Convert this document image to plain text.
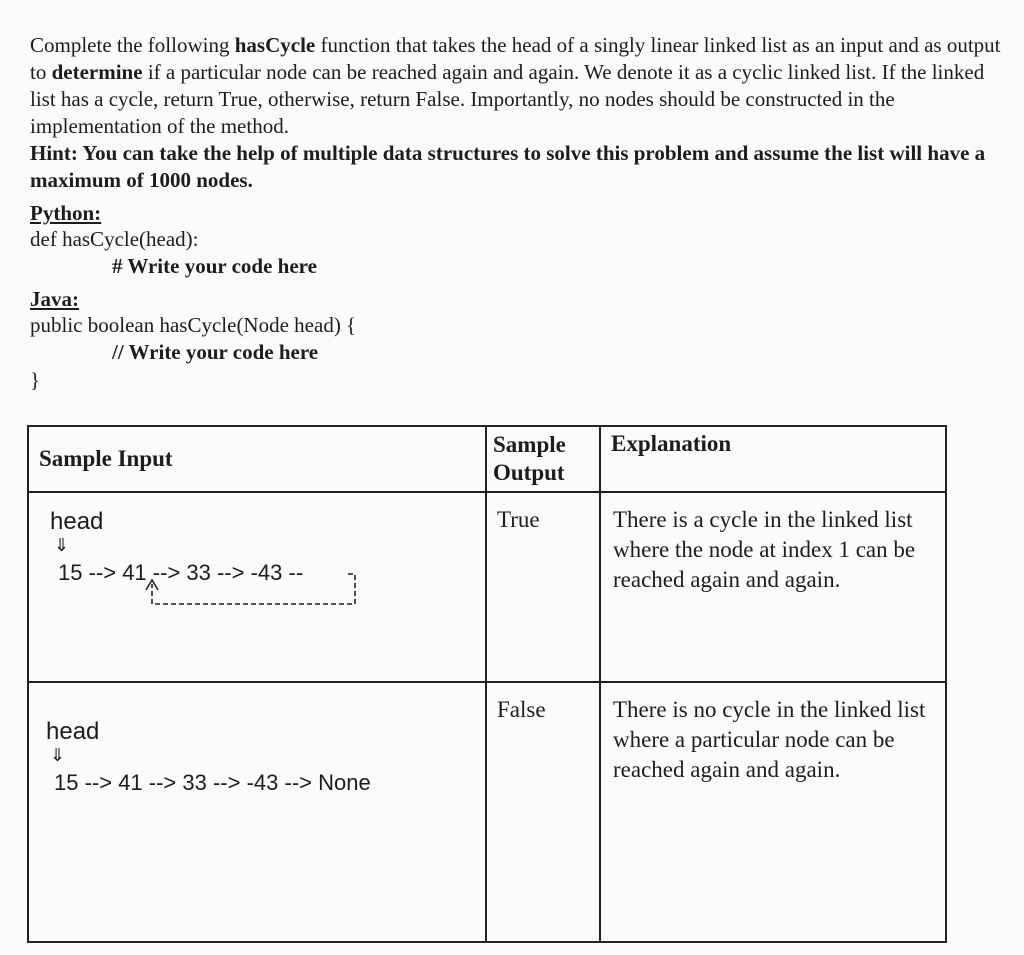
Complete the following hasCycle function that takes the head of a singly linear linked list as an input and as output to determine if a particular node can be reached again and again. We denote it as a cyclic linked list. If the linked list has a cycle, return True, otherwise, return False. Importantly, no nodes should be constructed in the implementation of the method.

Hint: You can take the help of multiple data structures to solve this problem and assume the list will have a maximum of 1000 nodes.

Python:
def hasCycle(head):
# Write your code here
Java:
public boolean hasCycle(Node head) {
// Write your code here
}
Sample Input	Sample Output	Explanation

head
⇓
15 --> 41 --> 33 --> -43 --	True	There is a cycle in the linked list where the node at index 1 can be reached again and again.

head
⇓
15 --> 41 --> 33 --> -43 --> None	False	There is no cycle in the linked list where a particular node can be reached again and again.
